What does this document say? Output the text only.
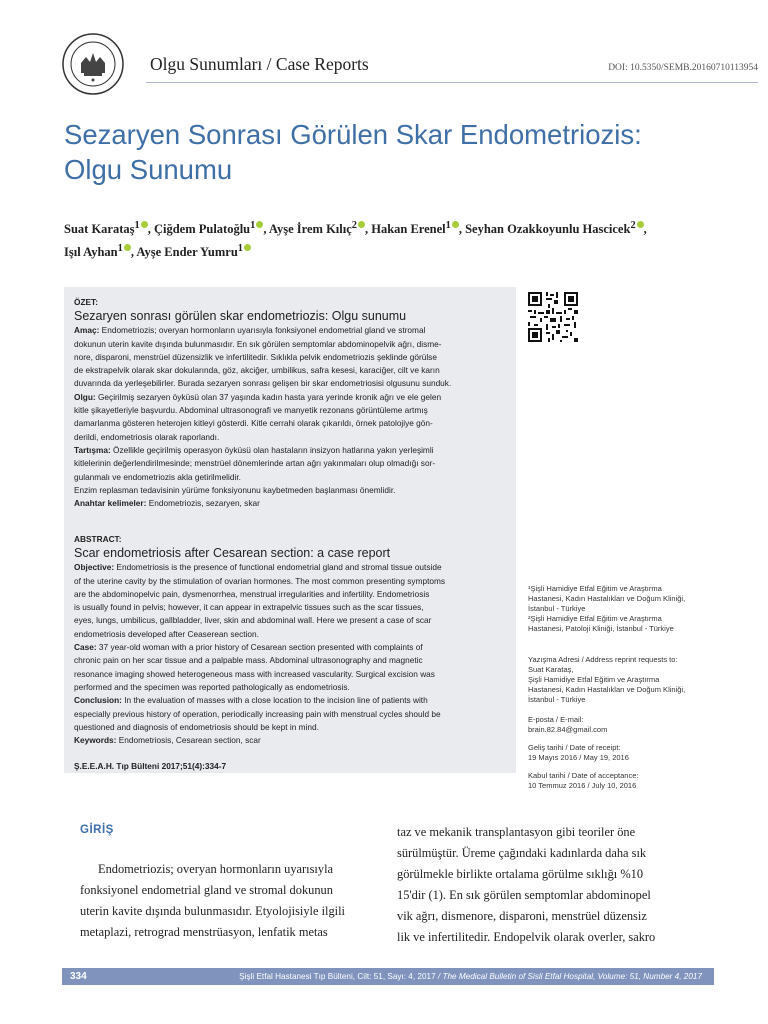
Olgu Sunumları / Case Reports	DOI: 10.5350/SEMB.20160710113954
Sezaryen Sonrası Görülen Skar Endometriozis:
Olgu Sunumu
Suat Karataş$^1$ , Çiğdem Pulatoğlu$^1$ , Ayşe İrem Kılıç$^2$ , Hakan Erenel$^1$ , Seyhan Ozakkoyunlu Hascicek$^2$ ,
Işıl Ayhan$^1$ , Ayşe Ender Yumru$^1$

ÖZET:

Sezaryen sonrası görülen skar endometriozis: Olgu sunumu

Amaç: Endometriozis; overyan hormonların uyarısıyla fonksiyonel endometrial gland ve stromal

dokunun uterin kavite dışında bulunmasıdır. En sık görülen semptomlar abdominopelvik ağrı, disme-

nore, disparoni, menstrüel düzensizlik ve infertilitedir. Sıklıkla pelvik endometriozis şeklinde görülse

de ekstrapelvik olarak skar dokularında, göz, akciğer, umbilikus, safra kesesi, karaciğer, cilt ve karın

duvarında da yerleşebilirler. Burada sezaryen sonrası gelişen bir skar endometriosisi olgusunu sunduk.

Olgu: Geçirilmiş sezaryen öyküsü olan 37 yaşında kadın hasta yara yerinde kronik ağrı ve ele gelen

kitle şikayetleriyle başvurdu. Abdominal ultrasonografi ve manyetik rezonans görüntüleme artmış

damarlanma gösteren heterojen kitleyi gösterdi. Kitle cerrahi olarak çıkarıldı, örnek patolojiye gön-

derildi, endometriosis olarak raporlandı.

Tartışma: Özellikle geçirilmiş operasyon öyküsü olan hastaların insizyon hatlarına yakın yerleşimli

kitlelerinin değerlendirilmesinde; menstrüel dönemlerinde artan ağrı yakınmaları olup olmadığı sor-

gulanmalı ve endometriozis akla getirilmelidir.

Enzim replasman tedavisinin yürüme fonksiyonunu kaybetmeden başlanması önemlidir.

Anahtar kelimeler: Endometriozis, sezaryen, skar

ABSTRACT:

Scar endometriosis after Cesarean section: a case report

Objective: Endometriosis is the presence of functional endometrial gland and stromal tissue outside

of the uterine cavity by the stimulation of ovarian hormones. The most common presenting symptoms

are the abdominopelvic pain, dysmenorrhea, menstrual irregularities and infertility. Endometriosis

is usually found in pelvis; however, it can appear in extrapelvic tissues such as the scar tissues,

eyes, lungs, umbilicus, gallbladder, liver, skin and abdominal wall. Here we present a case of scar

endometriosis developed after Ceaserean section.

Case: 37 year-old woman with a prior history of Cesarean section presented with complaints of

chronic pain on her scar tissue and a palpable mass. Abdominal ultrasonography and magnetic

resonance imaging showed heterogeneous mass with increased vascularity. Surgical excision was

performed and the specimen was reported pathologically as endometriosis.

Conclusion: In the evaluation of masses with a close location to the incision line of patients with

especially previous history of operation, periodically increasing pain with menstrual cycles should be

questioned and diagnosis of endometriosis should be kept in mind.

Keywords: Endometriosis, Cesarean section, scar

Ş.E.E.A.H. Tıp Bülteni 2017;51(4):334-7

¹Şişli Hamidiye Etfal Eğitim ve Araştırma

Hastanesi, Kadın Hastalıkları ve Doğum Kliniği,

İstanbul - Türkiye

²Şişli Hamidiye Etfal Eğitim ve Araştırma

Hastanesi, Patoloji Kliniği, İstanbul - Türkiye

Yazışma Adresi / Address reprint requests to:

Suat Karataş,

Şişli Hamidiye Etfal Eğitim ve Araştırma

Hastanesi, Kadın Hastalıkları ve Doğum Kliniği,

İstanbul - Türkiye

E-posta / E-mail:

brain.82.84@gmail.com

Geliş tarihi / Date of receipt:

19 Mayıs 2016 / May 19, 2016

Kabul tarihi / Date of acceptance:

10 Temmuz 2016 / July 10, 2016

GİRİŞ

Endometriozis; overyan hormonların uyarısıyla

fonksiyonel endometrial gland ve stromal dokunun

uterin kavite dışında bulunmasıdır. Etyolojisiyle ilgili

metaplazi, retrograd menstrüasyon, lenfatik metas

taz ve mekanik transplantasyon gibi teoriler öne

sürülmüştür. Üreme çağındaki kadınlarda daha sık

görülmekle birlikte ortalama görülme sıklığı %10

15'dir (1). En sık görülen semptomlar abdominopel

vik ağrı, dismenore, disparoni, menstrüel düzensiz

lik ve infertilitedir. Endopelvik olarak overler, sakro

334	Şişli Etfal Hastanesi Tıp Bülteni, Cilt: 51, Sayı: 4, 2017 / The Medical Bulletin of Sisli Etfal Hospital, Volume: 51, Number 4, 2017
